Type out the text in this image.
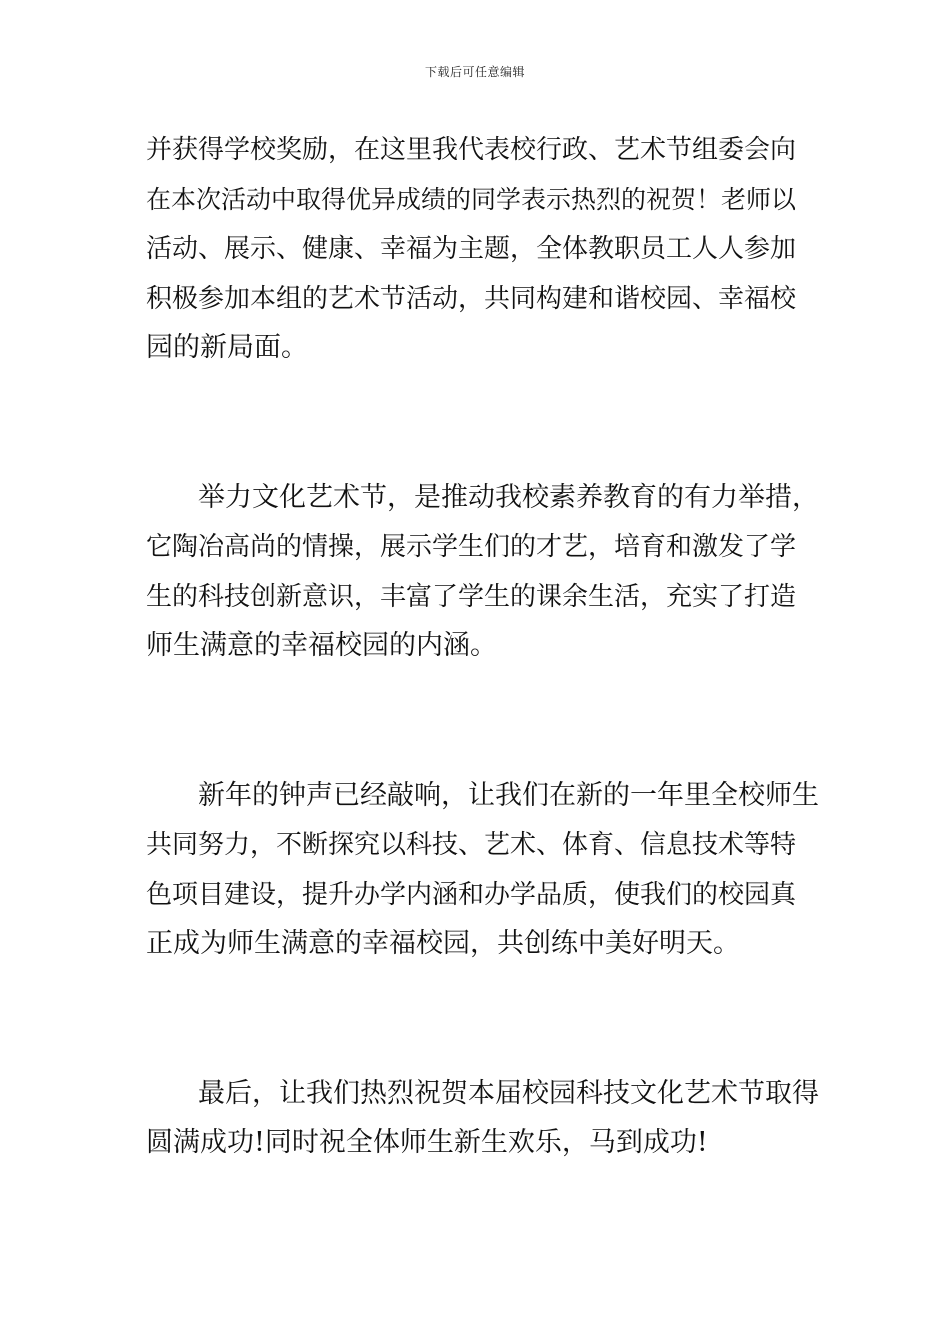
下载后可任意编辑
并获得学校奖励，在这里我代表校行政、艺术节组委会向
在本次活动中取得优异成绩的同学表示热烈的祝贺！老师以
活动、展示、健康、幸福为主题，全体教职员工人人参加
积极参加本组的艺术节活动，共同构建和谐校园、幸福校
园的新局面。
举力文化艺术节，是推动我校素养教育的有力举措，
它陶冶高尚的情操，展示学生们的才艺，培育和激发了学
生的科技创新意识，丰富了学生的课余生活，充实了打造
师生满意的幸福校园的内涵。
新年的钟声已经敲响，让我们在新的一年里全校师生
共同努力，不断探究以科技、艺术、体育、信息技术等特
色项目建设，提升办学内涵和办学品质，使我们的校园真
正成为师生满意的幸福校园，共创练中美好明天。
最后，让我们热烈祝贺本届校园科技文化艺术节取得
圆满成功!同时祝全体师生新生欢乐，马到成功!
